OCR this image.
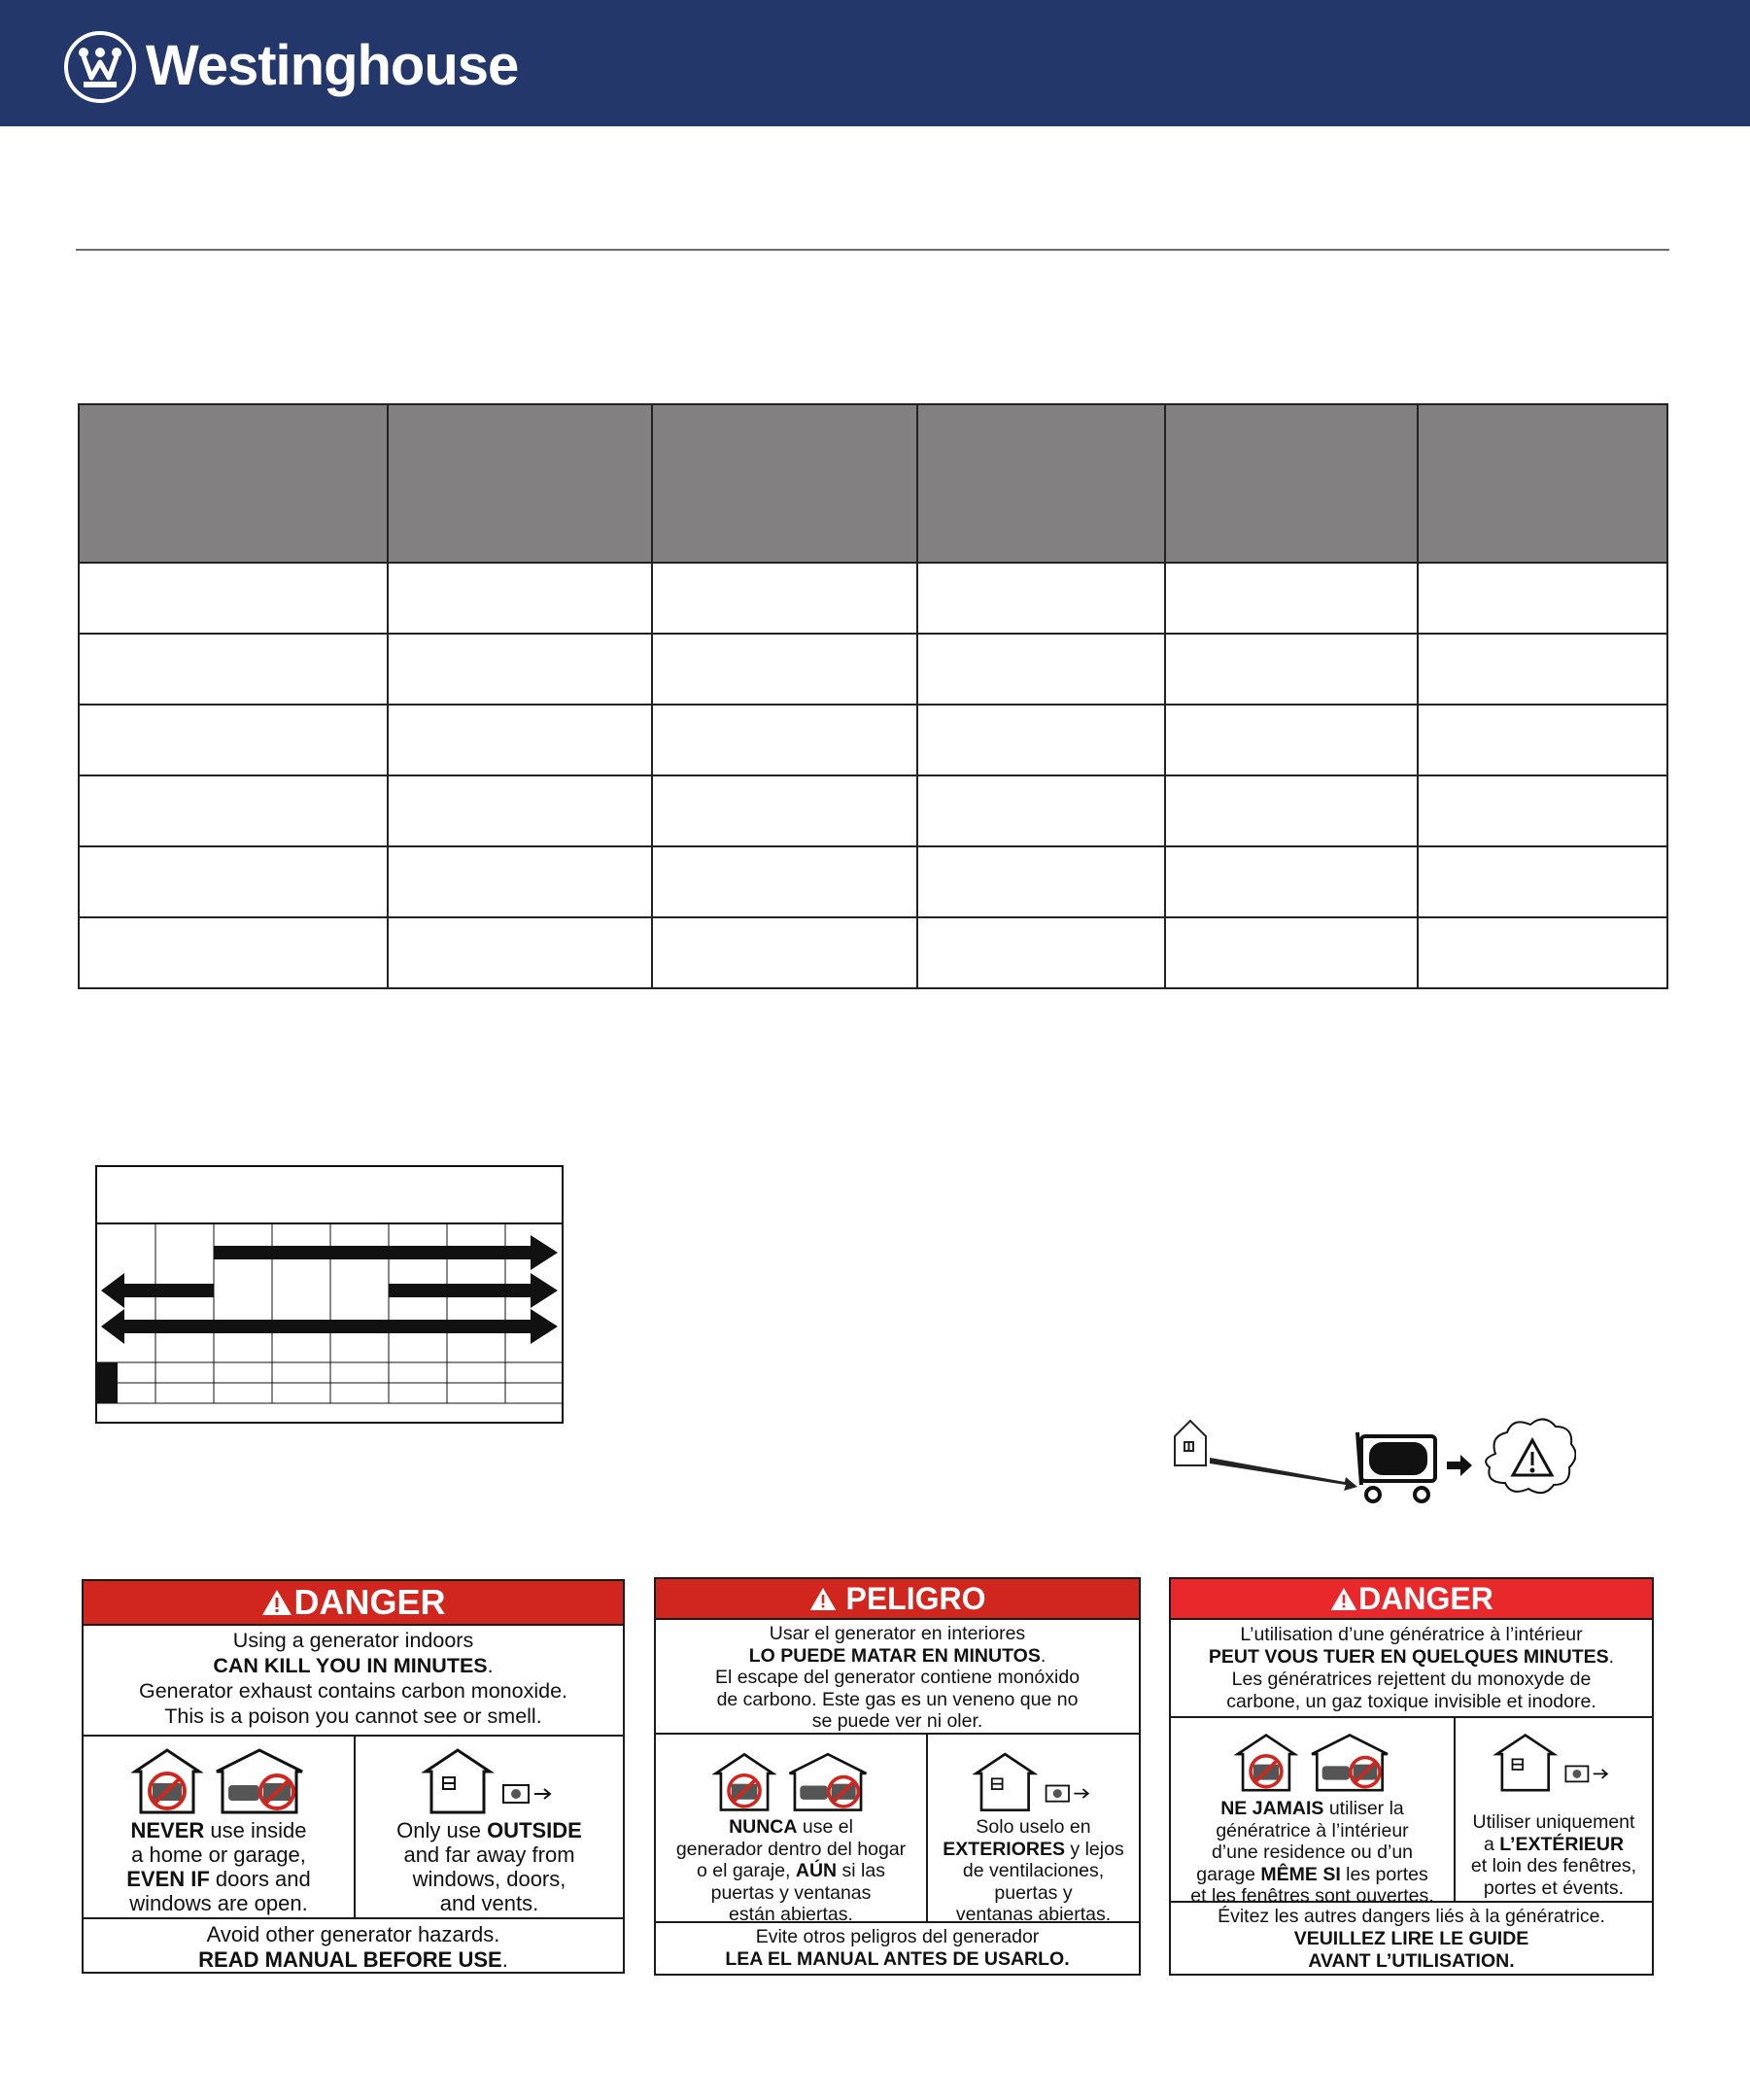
Westinghouse

DANGER

Using a generator indoors

CAN KILL YOU IN MINUTES.

Generator exhaust contains carbon monoxide.

This is a poison you cannot see or smell.

NEVER use inside

a home or garage,

EVEN IF doors and

windows are open.

Only use OUTSIDE

and far away from

windows, doors,

and vents.

Avoid other generator hazards.

READ MANUAL BEFORE USE.

PELIGRO

Usar el generator en interiores

LO PUEDE MATAR EN MINUTOS.

El escape del generator contiene monóxido

de carbono. Este gas es un veneno que no

se puede ver ni oler.

NUNCA use el

generador dentro del hogar

o el garaje, AÚN si las

puertas y ventanas

están abiertas.

Solo uselo en

EXTERIORES y lejos

de ventilaciones,

puertas y

ventanas abiertas.

Evite otros peligros del generador

LEA EL MANUAL ANTES DE USARLO.

DANGER

L’utilisation d’une génératrice à l’intérieur

PEUT VOUS TUER EN QUELQUES MINUTES.

Les génératrices rejettent du monoxyde de

carbone, un gaz toxique invisible et inodore.

NE JAMAIS utiliser la

génératrice à l’intérieur

d’une residence ou d’un

garage MÊME SI les portes

et les fenêtres sont ouvertes.

Utiliser uniquement

a L’EXTÉRIEUR

et loin des fenêtres,

portes et évents.

Évitez les autres dangers liés à la génératrice.

VEUILLEZ LIRE LE GUIDE

AVANT L’UTILISATION.
